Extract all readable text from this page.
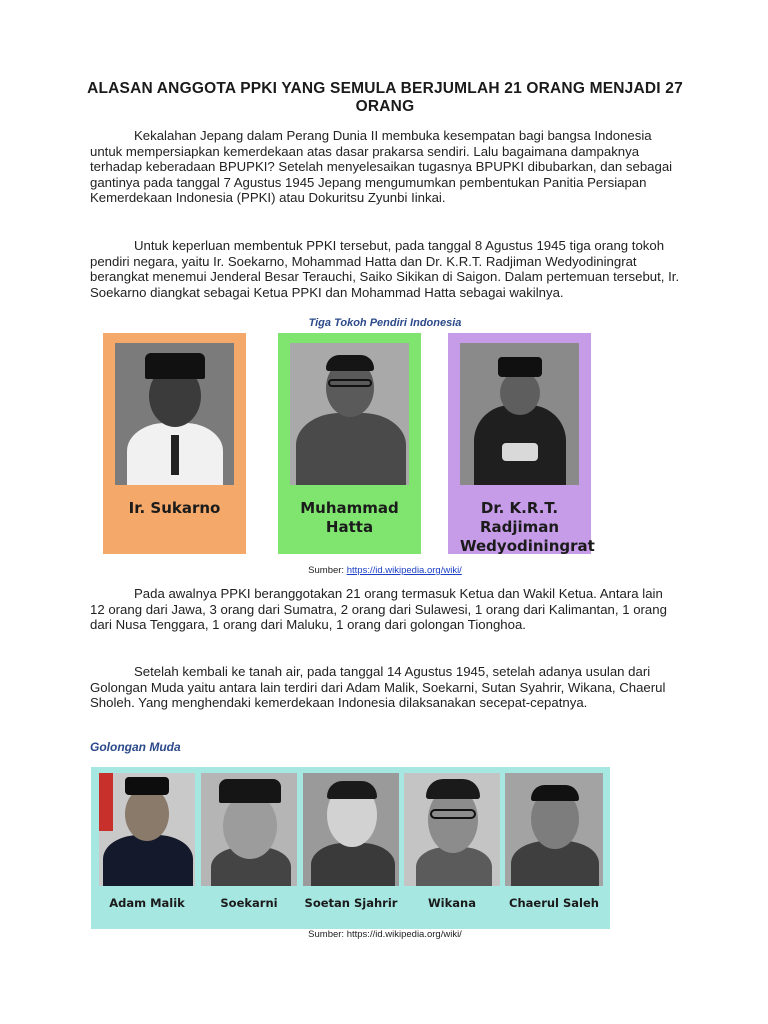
ALASAN ANGGOTA PPKI YANG SEMULA BERJUMLAH 21 ORANG MENJADI 27 ORANG

Kekalahan Jepang dalam Perang Dunia II membuka kesempatan bagi bangsa Indonesia untuk mempersiapkan kemerdekaan atas dasar prakarsa sendiri. Lalu bagaimana dampaknya terhadap keberadaan BPUPKI? Setelah menyelesaikan tugasnya BPUPKI dibubarkan, dan sebagai gantinya pada tanggal 7 Agustus 1945 Jepang mengumumkan pembentukan Panitia Persiapan Kemerdekaan Indonesia (PPKI) atau Dokuritsu Zyunbi Iinkai.

Untuk keperluan membentuk PPKI tersebut, pada tanggal 8 Agustus 1945 tiga orang tokoh pendiri negara, yaitu Ir. Soekarno, Mohammad Hatta dan Dr. K.R.T. Radjiman Wedyodiningrat berangkat menemui Jenderal Besar Terauchi, Saiko Sikikan di Saigon. Dalam pertemuan tersebut, Ir. Soekarno diangkat sebagai Ketua PPKI dan Mohammad Hatta sebagai wakilnya.

Tiga Tokoh Pendiri Indonesia
Ir. Sukarno	Muhammad Hatta
Dr. K.R.T. Radjiman
Wedyodiningrat
Sumber: https://id.wikipedia.org/wiki/

Pada awalnya PPKI beranggotakan 21 orang termasuk Ketua dan Wakil Ketua. Antara lain 12 orang dari Jawa, 3 orang dari Sumatra, 2 orang dari Sulawesi, 1 orang dari Kalimantan, 1 orang dari Nusa Tenggara, 1 orang dari Maluku, 1 orang dari golongan Tionghoa.

Setelah kembali ke tanah air, pada tanggal 14 Agustus 1945, setelah adanya usulan dari Golongan Muda yaitu antara lain terdiri dari Adam Malik, Soekarni, Sutan Syahrir, Wikana, Chaerul Sholeh. Yang menghendaki kemerdekaan Indonesia dilaksanakan secepat-cepatnya.

Golongan Muda
Adam Malik	Soekarni	Soetan Sjahrir	Wikana	Chaerul Saleh
Sumber: https://id.wikipedia.org/wiki/
